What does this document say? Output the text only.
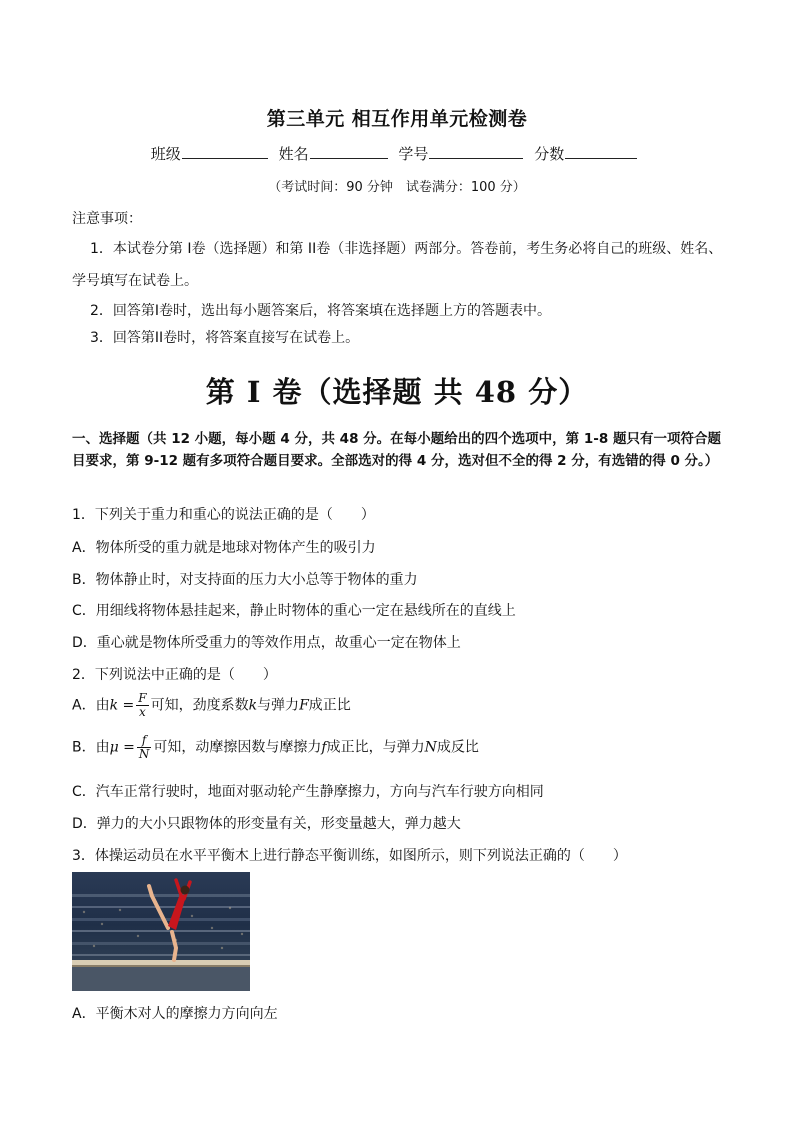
第三单元 相互作用单元检测卷
班级	姓名	学号	分数
（考试时间：90 分钟　试卷满分：100 分）
注意事项：
1．本试卷分第 I卷（选择题）和第 II卷（非选择题）两部分。答卷前，考生务必将自己的班级、姓名、
学号填写在试卷上。
2．回答第I卷时，选出每小题答案后，将答案填在选择题上方的答题表中。
3．回答第II卷时，将答案直接写在试卷上。
第 I 卷（选择题 共 48 分）
一、选择题（共 12 小题，每小题 4 分，共 48 分。在每小题给出的四个选项中，第 1-8 题只有一项符合题
目要求，第 9-12 题有多项符合题目要求。全部选对的得 4 分，选对但不全的得 2 分，有选错的得 0 分。）
1．下列关于重力和重心的说法正确的是（　　）
A．物体所受的重力就是地球对物体产生的吸引力
B．物体静止时，对支持面的压力大小总等于物体的重力
C．用细线将物体悬挂起来，静止时物体的重心一定在悬线所在的直线上
D．重心就是物体所受重力的等效作用点，故重心一定在物体上
2．下列说法中正确的是（　　）
A．由$k = \frac{F}{x}$ 可知，劲度系数k与弹力F成正比
B．由$\mu = \frac{f}{N}$ 可知，动摩擦因数与摩擦力f成正比，与弹力N成反比
C．汽车正常行驶时，地面对驱动轮产生静摩擦力，方向与汽车行驶方向相同
D．弹力的大小只跟物体的形变量有关，形变量越大，弹力越大
3．体操运动员在水平平衡木上进行静态平衡训练，如图所示，则下列说法正确的（　　）
A．平衡木对人的摩擦力方向向左
